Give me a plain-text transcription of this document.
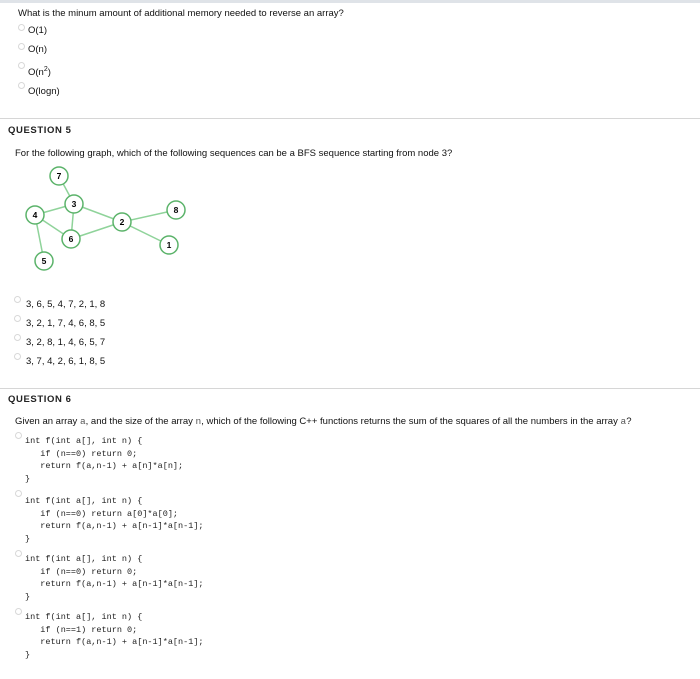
What is the minum amount of additional memory needed to reverse an array?
O(1)
O(n)
$O(n^2)$
O(logn)
QUESTION 5
For the following graph, which of the following sequences can be a BFS sequence starting from node 3?
7
3
4
6
2
8
1
5
3, 6, 5, 4, 7, 2, 1, 8
3, 2, 1, 7, 4, 6, 8, 5
3, 2, 8, 1, 4, 6, 5, 7
3, 7, 4, 2, 6, 1, 8, 5
QUESTION 6
Given an array a, and the size of the array n, which of the following C++ functions returns the sum of the squares of all the numbers in the array a?
int f(int a[], int n) {
if (n==0) return 0;
return f(a,n-1) + a[n]*a[n];
}
int f(int a[], int n) {
if (n==0) return a[0]*a[0];
return f(a,n-1) + a[n-1]*a[n-1];
}
int f(int a[], int n) {
if (n==0) return 0;
return f(a,n-1) + a[n-1]*a[n-1];
}
int f(int a[], int n) {
if (n==1) return 0;
return f(a,n-1) + a[n-1]*a[n-1];
}
